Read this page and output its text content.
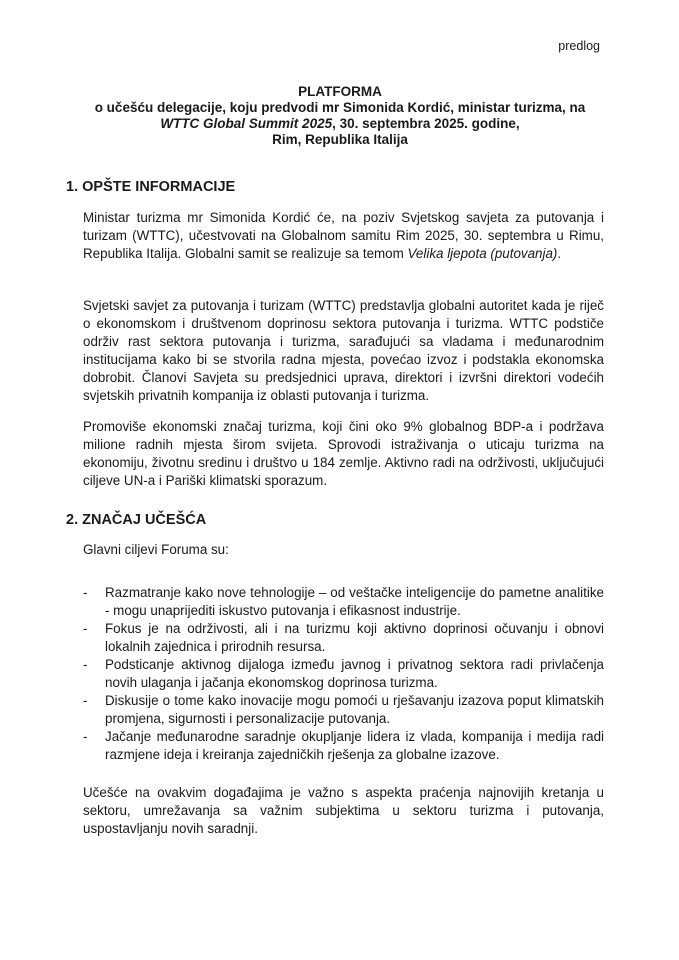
predlog
PLATFORMA
o učešću delegacije, koju predvodi mr Simonida Kordić, ministar turizma, na
WTTC Global Summit 2025, 30. septembra 2025. godine,
Rim, Republika Italija
1. OPŠTE INFORMACIJE
Ministar turizma mr Simonida Kordić će, na poziv Svjetskog savjeta za putovanja i turizam (WTTC), učestvovati na Globalnom samitu Rim 2025, 30. septembra u Rimu, Republika Italija. Globalni samit se realizuje sa temom Velika ljepota (putovanja).
Svjetski savjet za putovanja i turizam (WTTC) predstavlja globalni autoritet kada je riječ o ekonomskom i društvenom doprinosu sektora putovanja i turizma. WTTC podstiče održiv rast sektora putovanja i turizma, sarađujući sa vladama i međunarodnim institucijama kako bi se stvorila radna mjesta, povećao izvoz i podstakla ekonomska dobrobit. Članovi Savjeta su predsjednici uprava, direktori i izvršni direktori vodećih svjetskih privatnih kompanija iz oblasti putovanja i turizma.
Promoviše ekonomski značaj turizma, koji čini oko 9% globalnog BDP-a i podržava milione radnih mjesta širom svijeta. Sprovodi istraživanja o uticaju turizma na ekonomiju, životnu sredinu i društvo u 184 zemlje. Aktivno radi na održivosti, uključujući ciljeve UN-a i Pariški klimatski sporazum.
2. ZNAČAJ UČEŠĆA
Glavni ciljevi Foruma su:
- Razmatranje kako nove tehnologije – od veštačke inteligencije do pametne analitike - mogu unaprijediti iskustvo putovanja i efikasnost industrije.
- Fokus je na održivosti, ali i na turizmu koji aktivno doprinosi očuvanju i obnovi lokalnih zajednica i prirodnih resursa.
- Podsticanje aktivnog dijaloga između javnog i privatnog sektora radi privlačenja novih ulaganja i jačanja ekonomskog doprinosa turizma.
- Diskusije o tome kako inovacije mogu pomoći u rješavanju izazova poput klimatskih promjena, sigurnosti i personalizacije putovanja.
- Jačanje međunarodne saradnje okupljanje lidera iz vlada, kompanija i medija radi razmjene ideja i kreiranja zajedničkih rješenja za globalne izazove.
Učešće na ovakvim događajima je važno s aspekta praćenja najnovijih kretanja u sektoru, umrežavanja sa važnim subjektima u sektoru turizma i putovanja, uspostavljanju novih saradnji.
